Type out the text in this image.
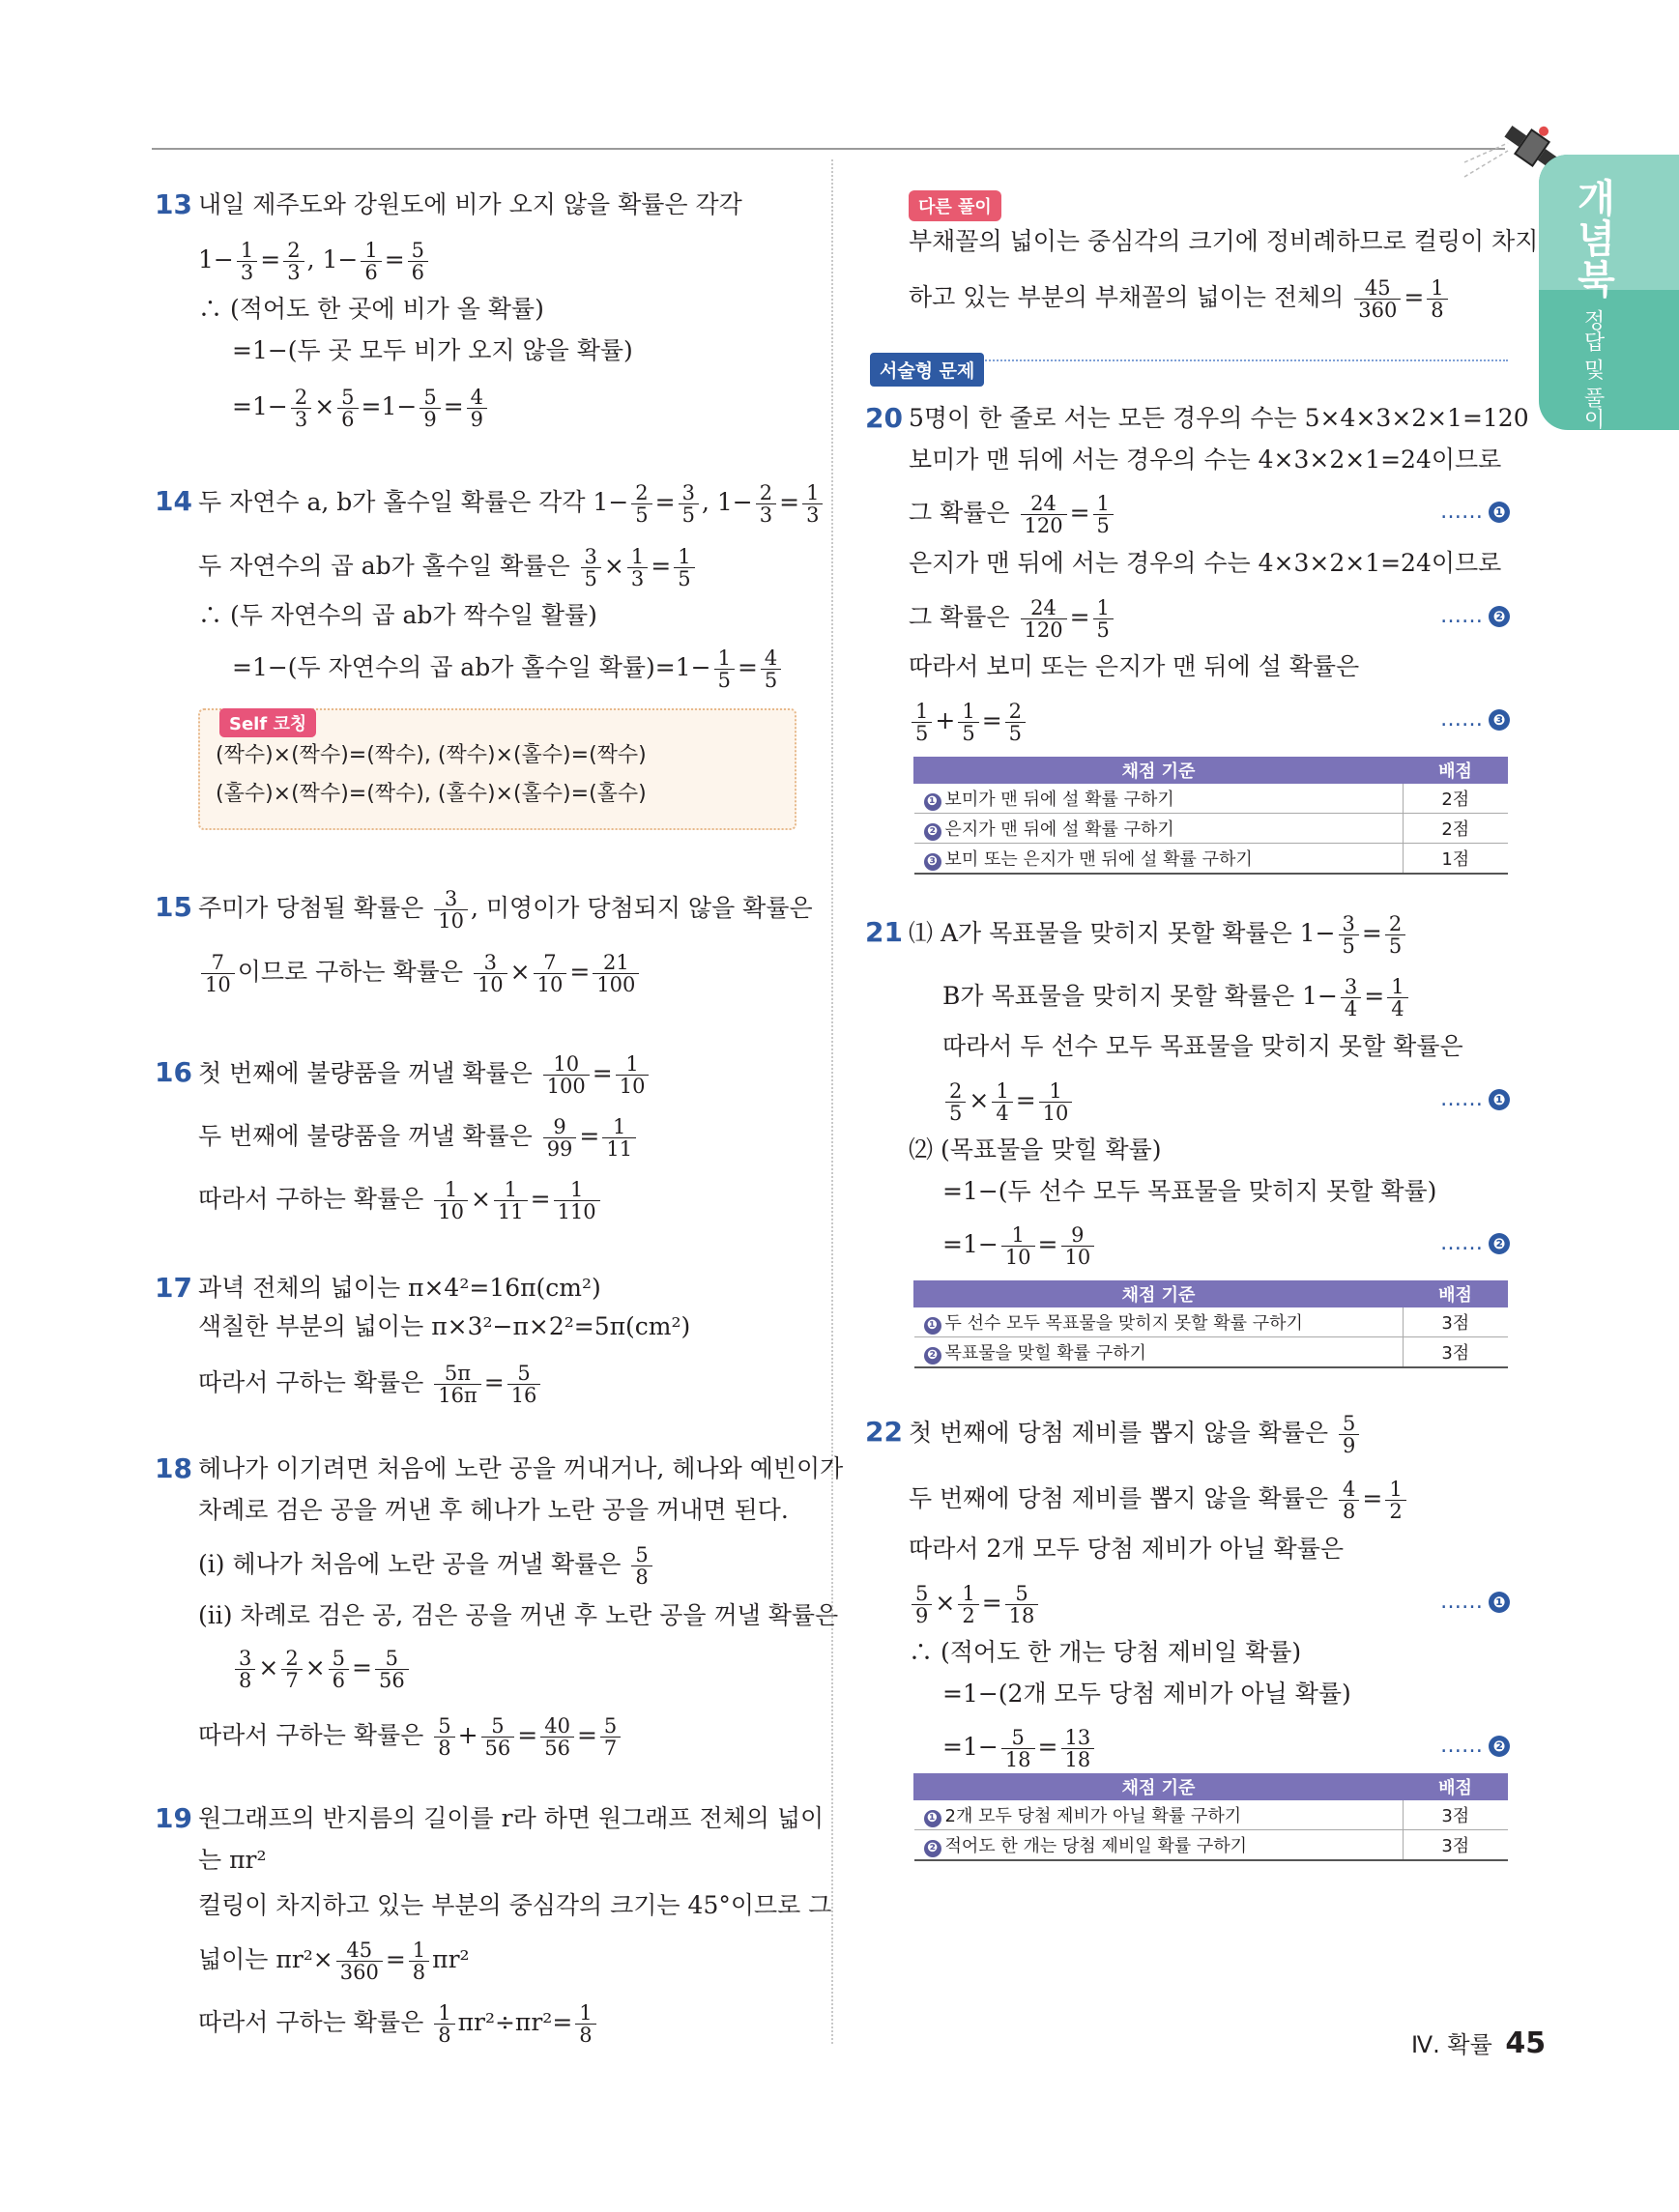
개념북
정답 및 풀이
13 내일 제주도와 강원도에 비가 오지 않을 확률은 각각
$1- \frac{1}{3} = \frac{2}{3}$ , $1- \frac{1}{6} = \frac{5}{6}$
∴ (적어도 한 곳에 비가 올 확률)
=1−(두 곳 모두 비가 오지 않을 확률)
$=1- \frac{2}{3} \times \frac{5}{6} =1- \frac{5}{9} = \frac{4}{9}$
14 두 자연수 a, b가 홀수일 확률은 각각 $1- \frac{2}{5} = \frac{3}{5}$ , $1- \frac{2}{3} = \frac{1}{3}$
두 자연수의 곱 ab가 홀수일 확률은 $\frac{3}{5} \times \frac{1}{3} = \frac{1}{5}$
∴ (두 자연수의 곱 ab가 짝수일 활률)
=1−(두 자연수의 곱 ab가 홀수일 확률)$=1- \frac{1}{5} = \frac{4}{5}$
Self 코칭
(짝수)×(짝수)=(짝수), (짝수)×(홀수)=(짝수)
(홀수)×(짝수)=(짝수), (홀수)×(홀수)=(홀수)
15 주미가 당첨될 확률은 $\frac{3}{10}$ , 미영이가 당첨되지 않을 확률은
$\frac{7}{10}$ 이므로 구하는 확률은 $\frac{3}{10} \times \frac{7}{10} = \frac{21}{100}$
16 첫 번째에 불량품을 꺼낼 확률은 $\frac{10}{100} = \frac{1}{10}$
두 번째에 불량품을 꺼낼 확률은 $\frac{9}{99} = \frac{1}{11}$
따라서 구하는 확률은 $\frac{1}{10} \times \frac{1}{11} = \frac{1}{110}$
17 과녁 전체의 넓이는 π×4²=16π(cm²)
색칠한 부분의 넓이는 π×3²−π×2²=5π(cm²)
따라서 구하는 확률은 $\frac{5\pi}{16\pi} = \frac{5}{16}$
18 헤나가 이기려면 처음에 노란 공을 꺼내거나, 헤나와 예빈이가
차례로 검은 공을 꺼낸 후 헤나가 노란 공을 꺼내면 된다.
(ⅰ) 헤나가 처음에 노란 공을 꺼낼 확률은 $\frac{5}{8}$
(ⅱ) 차례로 검은 공, 검은 공을 꺼낸 후 노란 공을 꺼낼 확률은
$\frac{3}{8} \times \frac{2}{7} \times \frac{5}{6} = \frac{5}{56}$
따라서 구하는 확률은 $\frac{5}{8} + \frac{5}{56} = \frac{40}{56} = \frac{5}{7}$
19 원그래프의 반지름의 길이를 r라 하면 원그래프 전체의 넓이
는 πr²
컬링이 차지하고 있는 부분의 중심각의 크기는 45°이므로 그
넓이는 $\pi r^2\times \frac{45}{360} = \frac{1}{8} \pi r^2$
따라서 구하는 확률은 $\frac{1}{8} \pi r^2\div\pi r^2= \frac{1}{8}$
다른 풀이
부채꼴의 넓이는 중심각의 크기에 정비례하므로 컬링이 차지
하고 있는 부분의 부채꼴의 넓이는 전체의 $\frac{45}{360} = \frac{1}{8}$
서술형 문제
20 5명이 한 줄로 서는 모든 경우의 수는 5×4×3×2×1=120
보미가 맨 뒤에 서는 경우의 수는 4×3×2×1=24이므로
그 확률은 $\frac{24}{120} = \frac{1}{5}$	…… ❶
은지가 맨 뒤에 서는 경우의 수는 4×3×2×1=24이므로
그 확률은 $\frac{24}{120} = \frac{1}{5}$	…… ❷
따라서 보미 또는 은지가 맨 뒤에 설 확률은
$\frac{1}{5} + \frac{1}{5} = \frac{2}{5}$	…… ❸
채점 기준	배점
❶ 보미가 맨 뒤에 설 확률 구하기	2점
❷ 은지가 맨 뒤에 설 확률 구하기	2점
❸ 보미 또는 은지가 맨 뒤에 설 확률 구하기	1점
21 ⑴ A가 목표물을 맞히지 못할 확률은 $1- \frac{3}{5} = \frac{2}{5}$
B가 목표물을 맞히지 못할 확률은 $1- \frac{3}{4} = \frac{1}{4}$
따라서 두 선수 모두 목표물을 맞히지 못할 확률은
$\frac{2}{5} \times \frac{1}{4} = \frac{1}{10}$	…… ❶
⑵ (목표물을 맞힐 확률)
=1−(두 선수 모두 목표물을 맞히지 못할 확률)
$=1- \frac{1}{10} = \frac{9}{10}$	…… ❷
채점 기준	배점
❶ 두 선수 모두 목표물을 맞히지 못할 확률 구하기	3점
❷ 목표물을 맞힐 확률 구하기	3점
22 첫 번째에 당첨 제비를 뽑지 않을 확률은 $\frac{5}{9}$
두 번째에 당첨 제비를 뽑지 않을 확률은 $\frac{4}{8} = \frac{1}{2}$
따라서 2개 모두 당첨 제비가 아닐 확률은
$\frac{5}{9} \times \frac{1}{2} = \frac{5}{18}$	…… ❶
∴ (적어도 한 개는 당첨 제비일 확률)
=1−(2개 모두 당첨 제비가 아닐 확률)
$=1- \frac{5}{18} = \frac{13}{18}$	…… ❷
채점 기준	배점
❶ 2개 모두 당첨 제비가 아닐 확률 구하기	3점
❷ 적어도 한 개는 당첨 제비일 확률 구하기	3점
Ⅳ. 확률 45
